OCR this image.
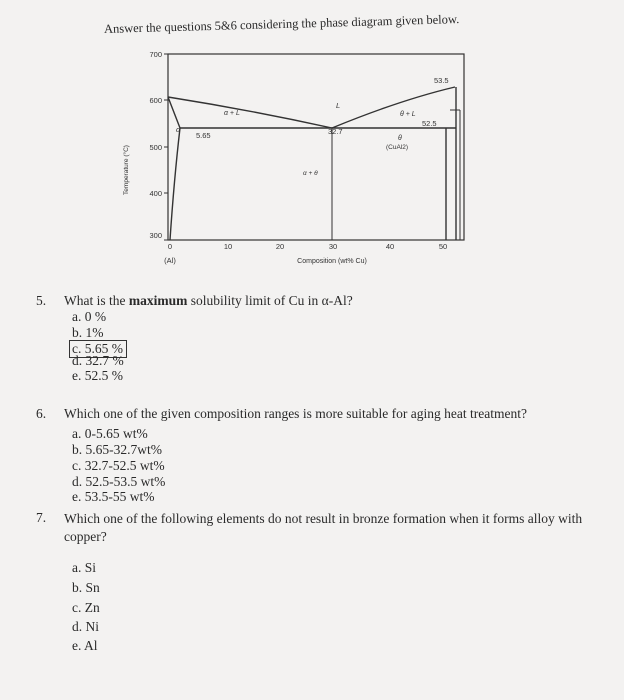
Answer the questions 5&6 considering the phase diagram given below.
700
600
500
400
300
0	10	20	30	40	50
(Al)	Composition (wt% Cu)
Temperature (°C)
α
α + L
L
θ + L
α + θ
θ
(CuAl2)
5.65	32.7
52.5
53.5
5. What is the maximum solubility limit of Cu in α-Al?
a. 0 %
b. 1%
c. 5.65 %
d. 32.7 %
e. 52.5 %
6. Which one of the given composition ranges is more suitable for aging heat treatment?
a. 0-5.65 wt%
b. 5.65-32.7wt%
c. 32.7-52.5 wt%
d. 52.5-53.5 wt%
e. 53.5-55 wt%
7. Which one of the following elements do not result in bronze formation when it forms alloy with copper?
a. Si
b. Sn
c. Zn
d. Ni
e. Al
